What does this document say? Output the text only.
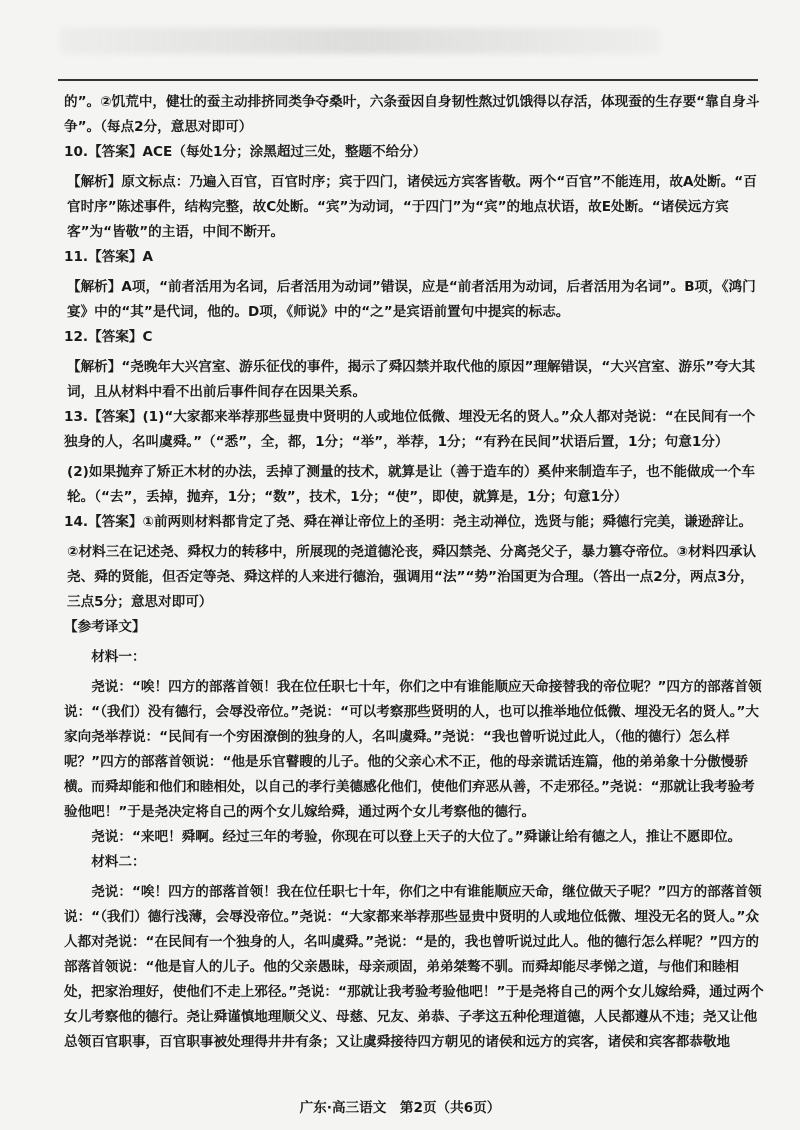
的”。②饥荒中，健壮的蚕主动排挤同类争夺桑叶，六条蚕因自身韧性熬过饥饿得以存活，体现蚕的生存要“靠自身斗争”。（每点2分，意思对即可）

10.【答案】ACE（每处1分；涂黑超过三处，整题不给分）

【解析】原文标点：乃遍入百官，百官时序；宾于四门，诸侯远方宾客皆敬。两个“百官”不能连用，故A处断。“百官时序”陈述事件，结构完整，故C处断。“宾”为动词，“于四门”为“宾”的地点状语，故E处断。“诸侯远方宾客”为“皆敬”的主语，中间不断开。

11.【答案】A

【解析】A项，“前者活用为名词，后者活用为动词”错误，应是“前者活用为动词，后者活用为名词”。B项，《鸿门宴》中的“其”是代词，他的。D项，《师说》中的“之”是宾语前置句中提宾的标志。

12.【答案】C

【解析】“尧晚年大兴宫室、游乐征伐的事件，揭示了舜囚禁并取代他的原因”理解错误，“大兴宫室、游乐”夸大其词，且从材料中看不出前后事件间存在因果关系。

13.【答案】(1)“大家都来举荐那些显贵中贤明的人或地位低微、埋没无名的贤人。”众人都对尧说：“在民间有一个独身的人，名叫虞舜。”（“悉”，全，都，1分；“举”，举荐，1分；“有矜在民间”状语后置，1分；句意1分）

(2)如果抛弃了矫正木材的办法，丢掉了测量的技术，就算是让（善于造车的）奚仲来制造车子，也不能做成一个车轮。（“去”，丢掉，抛弃，1分；“数”，技术，1分；“使”，即使，就算是，1分；句意1分）

14.【答案】①前两则材料都肯定了尧、舜在禅让帝位上的圣明：尧主动禅位，选贤与能；舜德行完美，谦逊辞让。

②材料三在记述尧、舜权力的转移中，所展现的尧道德沦丧，舜囚禁尧、分离尧父子，暴力篡夺帝位。③材料四承认尧、舜的贤能，但否定等尧、舜这样的人来进行德治，强调用“法”“势”治国更为合理。（答出一点2分，两点3分，三点5分；意思对即可）

【参考译文】

材料一：

尧说：“唉！四方的部落首领！我在位任职七十年，你们之中有谁能顺应天命接替我的帝位呢？”四方的部落首领说：“（我们）没有德行，会辱没帝位。”尧说：“可以考察那些贤明的人，也可以推举地位低微、埋没无名的贤人。”大家向尧举荐说：“民间有一个穷困潦倒的独身的人，名叫虞舜。”尧说：“我也曾听说过此人，（他的德行）怎么样呢？”四方的部落首领说：“他是乐官瞽瞍的儿子。他的父亲心术不正，他的母亲谎话连篇，他的弟弟象十分傲慢骄横。而舜却能和他们和睦相处，以自己的孝行美德感化他们，使他们弃恶从善，不走邪径。”尧说：“那就让我考验考验他吧！”于是尧决定将自己的两个女儿嫁给舜，通过两个女儿考察他的德行。

尧说：“来吧！舜啊。经过三年的考验，你现在可以登上天子的大位了。”舜谦让给有德之人，推让不愿即位。

材料二：

尧说：“唉！四方的部落首领！我在位任职七十年，你们之中有谁能顺应天命，继位做天子呢？”四方的部落首领说：“（我们）德行浅薄，会辱没帝位。”尧说：“大家都来举荐那些显贵中贤明的人或地位低微、埋没无名的贤人。”众人都对尧说：“在民间有一个独身的人，名叫虞舜。”尧说：“是的，我也曾听说过此人。他的德行怎么样呢？”四方的部落首领说：“他是盲人的儿子。他的父亲愚昧，母亲顽固，弟弟桀骜不驯。而舜却能尽孝悌之道，与他们和睦相处，把家治理好，使他们不走上邪径。”尧说：“那就让我考验考验他吧！”于是尧将自己的两个女儿嫁给舜，通过两个女儿考察他的德行。尧让舜谨慎地理顺父义、母慈、兄友、弟恭、子孝这五种伦理道德，人民都遵从不违；尧又让他总领百官职事，百官职事被处理得井井有条；又让虞舜接待四方朝见的诸侯和远方的宾客，诸侯和宾客都恭敬地

广东·高三语文　第2页（共6页）
